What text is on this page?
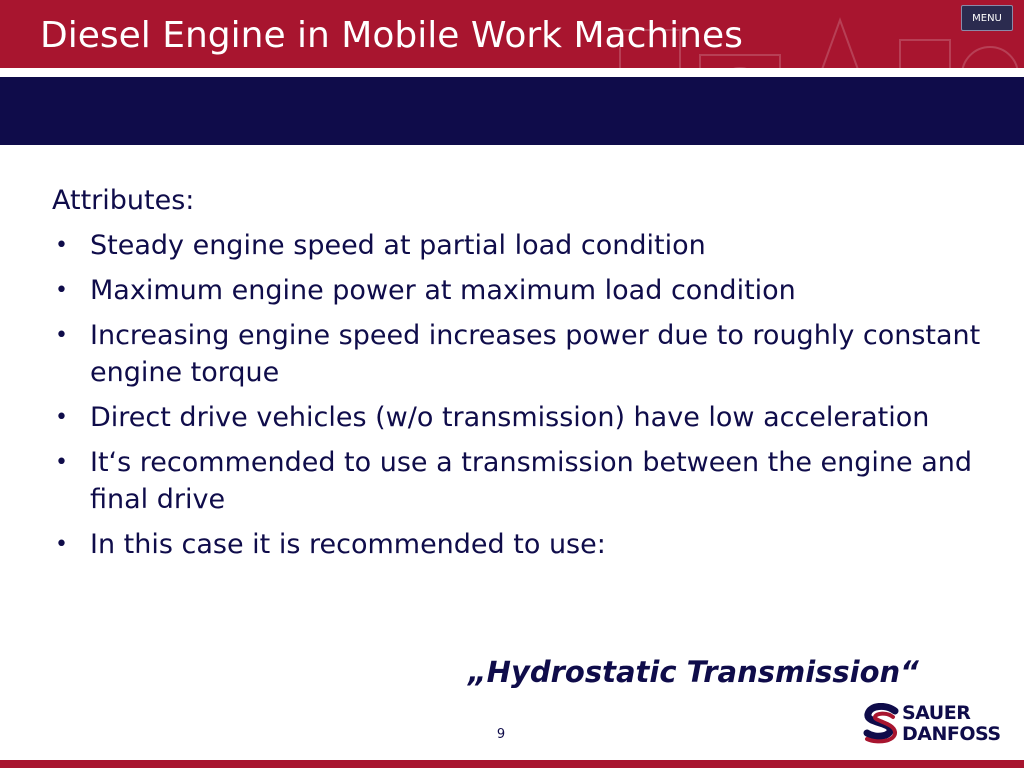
Diesel Engine in Mobile Work Machines	MENU

Attributes:

• Steady engine speed at partial load condition
• Maximum engine power at maximum load condition
• Increasing engine speed increases power due to roughly constant engine torque
• Direct drive vehicles (w/o transmission) have low acceleration
• It‘s recommended to use a transmission between the engine and final drive
• In this case it is recommended to use:

„Hydrostatic Transmission“

9
SAUER
DANFOSS
